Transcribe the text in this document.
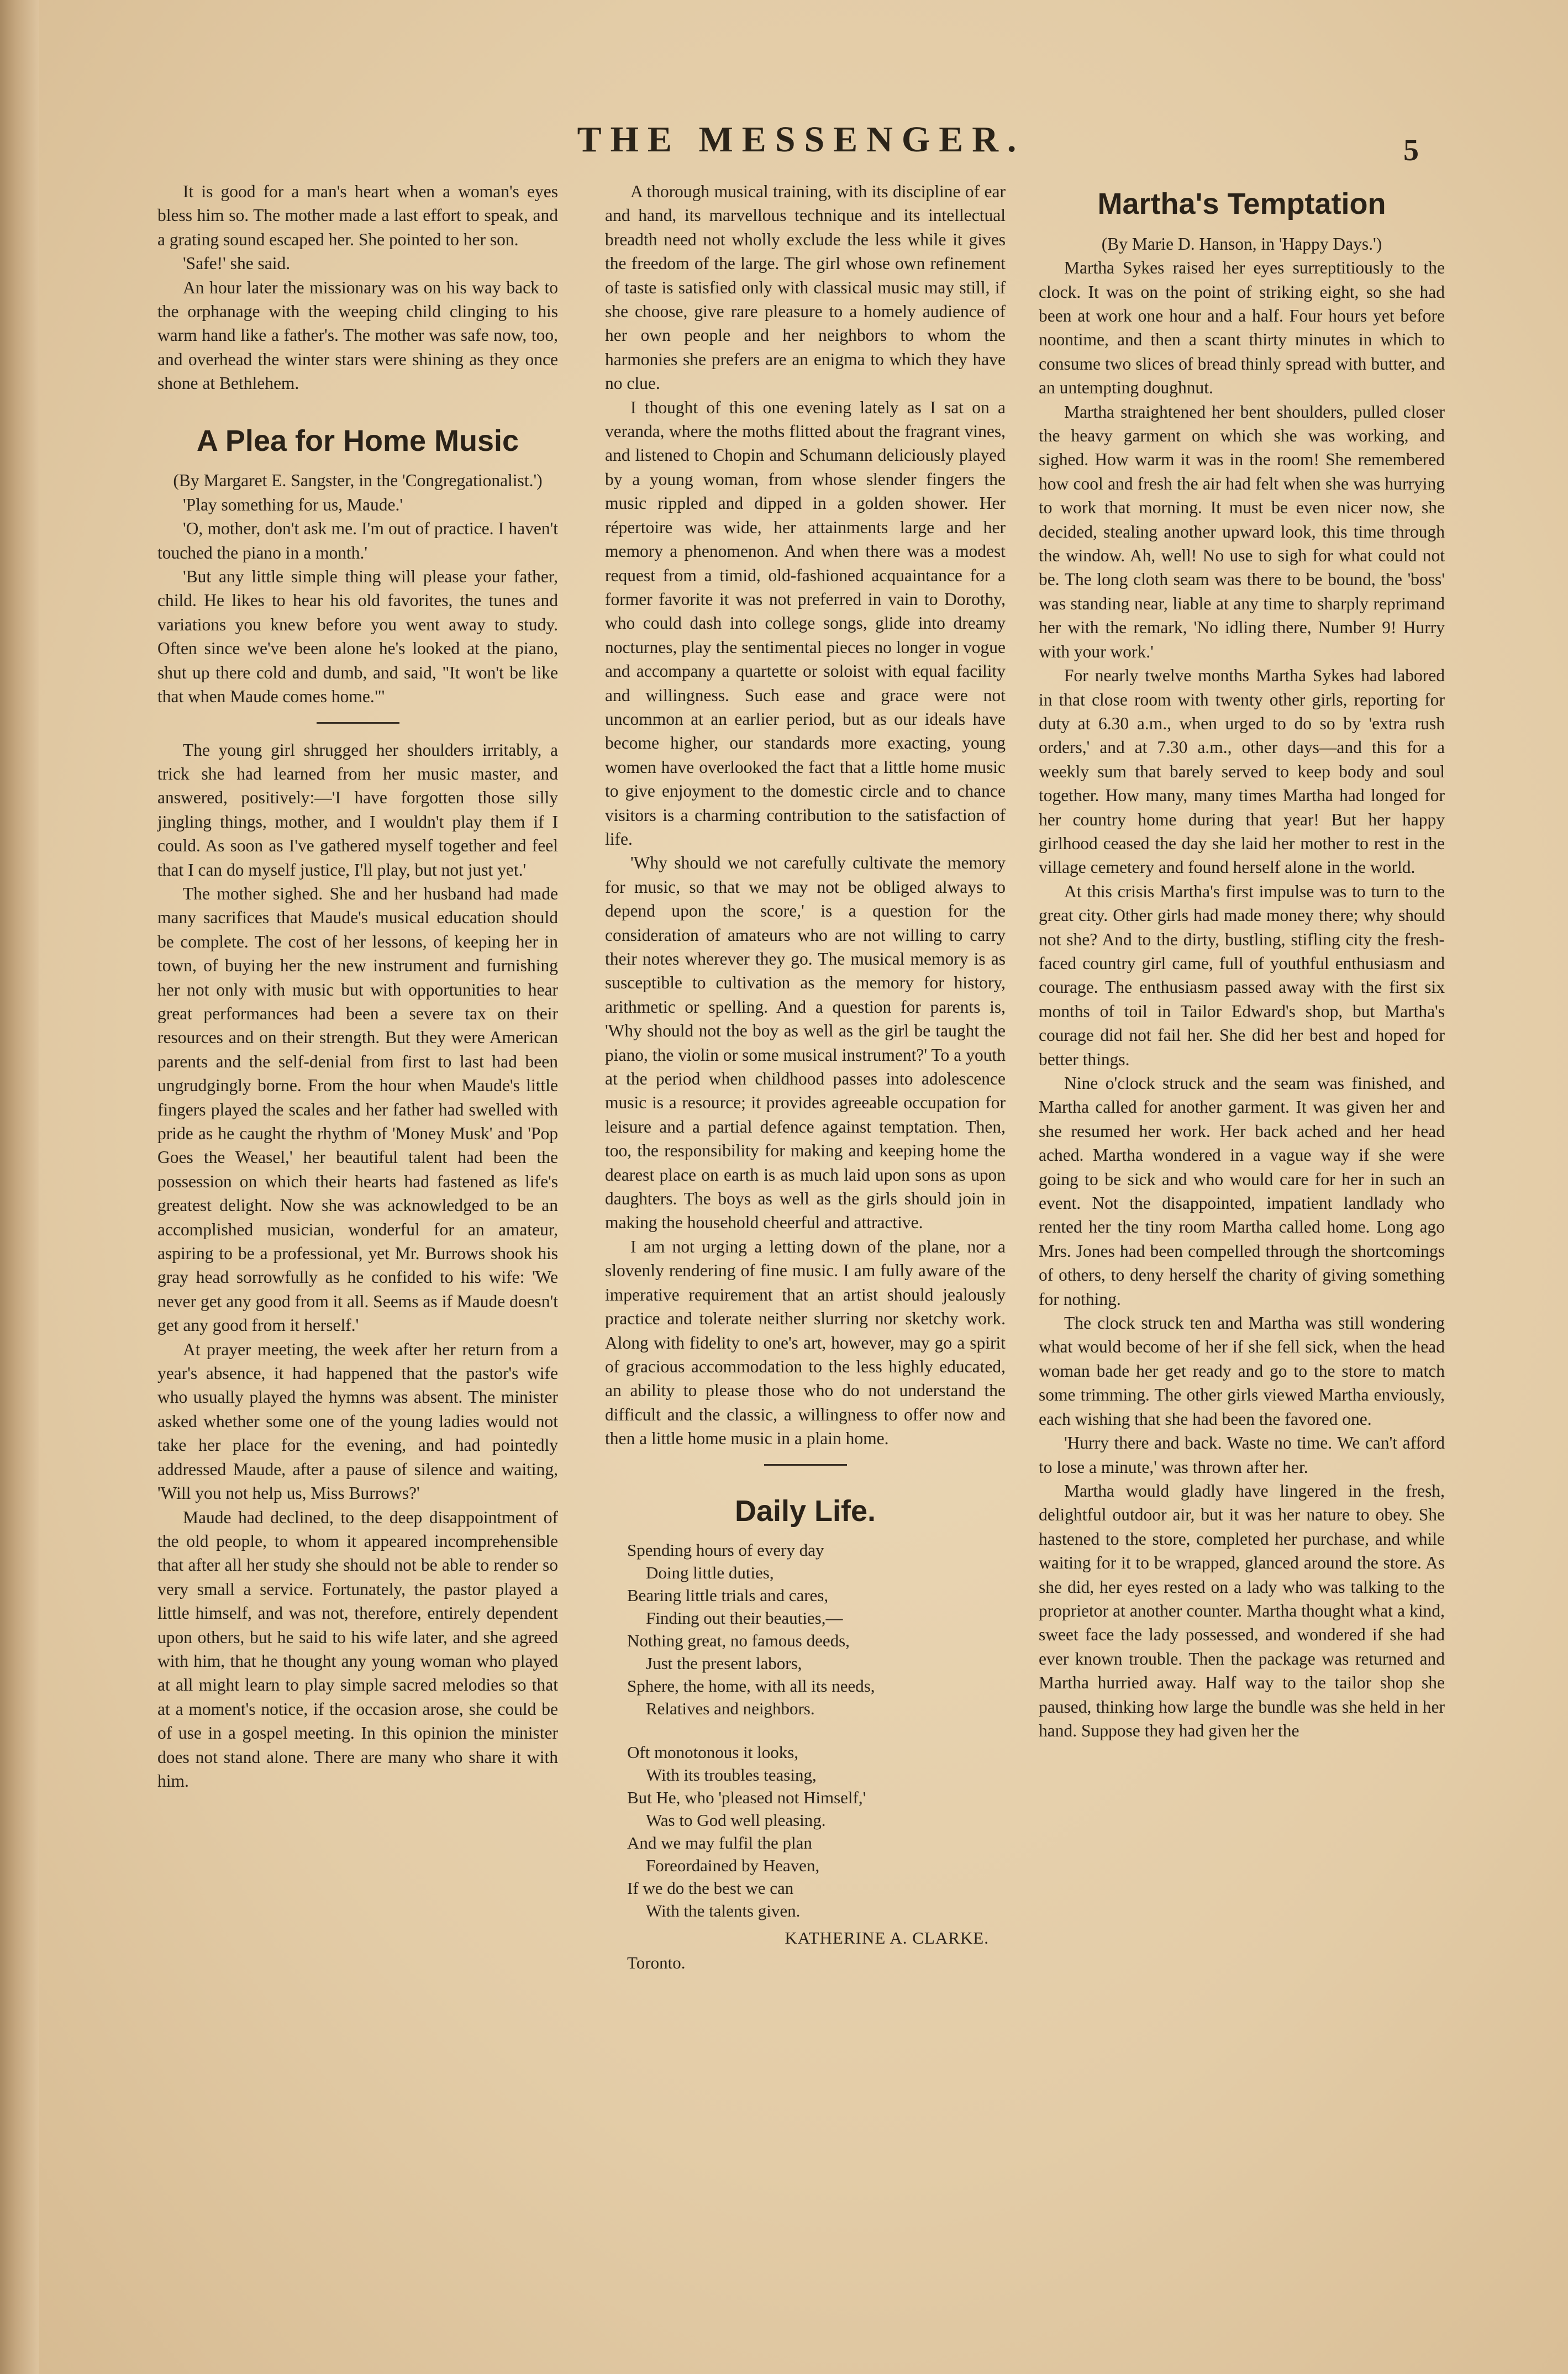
THE MESSENGER.	5

It is good for a man's heart when a woman's eyes bless him so. The mother made a last effort to speak, and a grating sound escaped her. She pointed to her son.

'Safe!' she said.

An hour later the missionary was on his way back to the orphanage with the weeping child clinging to his warm hand like a father's. The mother was safe now, too, and overhead the winter stars were shining as they once shone at Bethlehem.

A Plea for Home Music

(By Margaret E. Sangster, in the 'Congregationalist.')

'Play something for us, Maude.'

'O, mother, don't ask me. I'm out of practice. I haven't touched the piano in a month.'

'But any little simple thing will please your father, child. He likes to hear his old favorites, the tunes and variations you knew before you went away to study. Often since we've been alone he's looked at the piano, shut up there cold and dumb, and said, "It won't be like that when Maude comes home."'

The young girl shrugged her shoulders irritably, a trick she had learned from her music master, and answered, positively:—'I have forgotten those silly jingling things, mother, and I wouldn't play them if I could. As soon as I've gathered myself together and feel that I can do myself justice, I'll play, but not just yet.'

The mother sighed. She and her husband had made many sacrifices that Maude's musical education should be complete. The cost of her lessons, of keeping her in town, of buying her the new instrument and furnishing her not only with music but with opportunities to hear great performances had been a severe tax on their resources and on their strength. But they were American parents and the self-denial from first to last had been ungrudgingly borne. From the hour when Maude's little fingers played the scales and her father had swelled with pride as he caught the rhythm of 'Money Musk' and 'Pop Goes the Weasel,' her beautiful talent had been the possession on which their hearts had fastened as life's greatest delight. Now she was acknowledged to be an accomplished musician, wonderful for an amateur, aspiring to be a professional, yet Mr. Burrows shook his gray head sorrowfully as he confided to his wife: 'We never get any good from it all. Seems as if Maude doesn't get any good from it herself.'

At prayer meeting, the week after her return from a year's absence, it had happened that the pastor's wife who usually played the hymns was absent. The minister asked whether some one of the young ladies would not take her place for the evening, and had pointedly addressed Maude, after a pause of silence and waiting, 'Will you not help us, Miss Burrows?'

Maude had declined, to the deep disappointment of the old people, to whom it appeared incomprehensible that after all her study she should not be able to render so very small a service. Fortunately, the pastor played a little himself, and was not, therefore, entirely dependent upon others, but he said to his wife later, and she agreed with him, that he thought any young woman who played at all might learn to play simple sacred melodies so that at a moment's notice, if the occasion arose, she could be of use in a gospel meeting. In this opinion the minister does not stand alone. There are many who share it with him.

A thorough musical training, with its discipline of ear and hand, its marvellous technique and its intellectual breadth need not wholly exclude the less while it gives the freedom of the large. The girl whose own refinement of taste is satisfied only with classical music may still, if she choose, give rare pleasure to a homely audience of her own people and her neighbors to whom the harmonies she prefers are an enigma to which they have no clue.

I thought of this one evening lately as I sat on a veranda, where the moths flitted about the fragrant vines, and listened to Chopin and Schumann deliciously played by a young woman, from whose slender fingers the music rippled and dipped in a golden shower. Her répertoire was wide, her attainments large and her memory a phenomenon. And when there was a modest request from a timid, old-fashioned acquaintance for a former favorite it was not preferred in vain to Dorothy, who could dash into college songs, glide into dreamy nocturnes, play the sentimental pieces no longer in vogue and accompany a quartette or soloist with equal facility and willingness. Such ease and grace were not uncommon at an earlier period, but as our ideals have become higher, our standards more exacting, young women have overlooked the fact that a little home music to give enjoyment to the domestic circle and to chance visitors is a charming contribution to the satisfaction of life.

'Why should we not carefully cultivate the memory for music, so that we may not be obliged always to depend upon the score,' is a question for the consideration of amateurs who are not willing to carry their notes wherever they go. The musical memory is as susceptible to cultivation as the memory for history, arithmetic or spelling. And a question for parents is, 'Why should not the boy as well as the girl be taught the piano, the violin or some musical instrument?' To a youth at the period when childhood passes into adolescence music is a resource; it provides agreeable occupation for leisure and a partial defence against temptation. Then, too, the responsibility for making and keeping home the dearest place on earth is as much laid upon sons as upon daughters. The boys as well as the girls should join in making the household cheerful and attractive.

I am not urging a letting down of the plane, nor a slovenly rendering of fine music. I am fully aware of the imperative requirement that an artist should jealously practice and tolerate neither slurring nor sketchy work. Along with fidelity to one's art, however, may go a spirit of gracious accommodation to the less highly educated, an ability to please those who do not understand the difficult and the classic, a willingness to offer now and then a little home music in a plain home.

Daily Life.
Spending hours of every day
Doing little duties,
Bearing little trials and cares,
Finding out their beauties,—
Nothing great, no famous deeds,
Just the present labors,
Sphere, the home, with all its needs,
Relatives and neighbors.
Oft monotonous it looks,
With its troubles teasing,
But He, who 'pleased not Himself,'
Was to God well pleasing.
And we may fulfil the plan
Foreordained by Heaven,
If we do the best we can
With the talents given.
KATHERINE A. CLARKE.
Toronto.
Martha's Temptation

(By Marie D. Hanson, in 'Happy Days.')

Martha Sykes raised her eyes surreptitiously to the clock. It was on the point of striking eight, so she had been at work one hour and a half. Four hours yet before noontime, and then a scant thirty minutes in which to consume two slices of bread thinly spread with butter, and an untempting doughnut.

Martha straightened her bent shoulders, pulled closer the heavy garment on which she was working, and sighed. How warm it was in the room! She remembered how cool and fresh the air had felt when she was hurrying to work that morning. It must be even nicer now, she decided, stealing another upward look, this time through the window. Ah, well! No use to sigh for what could not be. The long cloth seam was there to be bound, the 'boss' was standing near, liable at any time to sharply reprimand her with the remark, 'No idling there, Number 9! Hurry with your work.'

For nearly twelve months Martha Sykes had labored in that close room with twenty other girls, reporting for duty at 6.30 a.m., when urged to do so by 'extra rush orders,' and at 7.30 a.m., other days—and this for a weekly sum that barely served to keep body and soul together. How many, many times Martha had longed for her country home during that year! But her happy girlhood ceased the day she laid her mother to rest in the village cemetery and found herself alone in the world.

At this crisis Martha's first impulse was to turn to the great city. Other girls had made money there; why should not she? And to the dirty, bustling, stifling city the fresh-faced country girl came, full of youthful enthusiasm and courage. The enthusiasm passed away with the first six months of toil in Tailor Edward's shop, but Martha's courage did not fail her. She did her best and hoped for better things.

Nine o'clock struck and the seam was finished, and Martha called for another garment. It was given her and she resumed her work. Her back ached and her head ached. Martha wondered in a vague way if she were going to be sick and who would care for her in such an event. Not the disappointed, impatient landlady who rented her the tiny room Martha called home. Long ago Mrs. Jones had been compelled through the shortcomings of others, to deny herself the charity of giving something for nothing.

The clock struck ten and Martha was still wondering what would become of her if she fell sick, when the head woman bade her get ready and go to the store to match some trimming. The other girls viewed Martha enviously, each wishing that she had been the favored one.

'Hurry there and back. Waste no time. We can't afford to lose a minute,' was thrown after her.

Martha would gladly have lingered in the fresh, delightful outdoor air, but it was her nature to obey. She hastened to the store, completed her purchase, and while waiting for it to be wrapped, glanced around the store. As she did, her eyes rested on a lady who was talking to the proprietor at another counter. Martha thought what a kind, sweet face the lady possessed, and wondered if she had ever known trouble. Then the package was returned and Martha hurried away. Half way to the tailor shop she paused, thinking how large the bundle was she held in her hand. Suppose they had given her the
